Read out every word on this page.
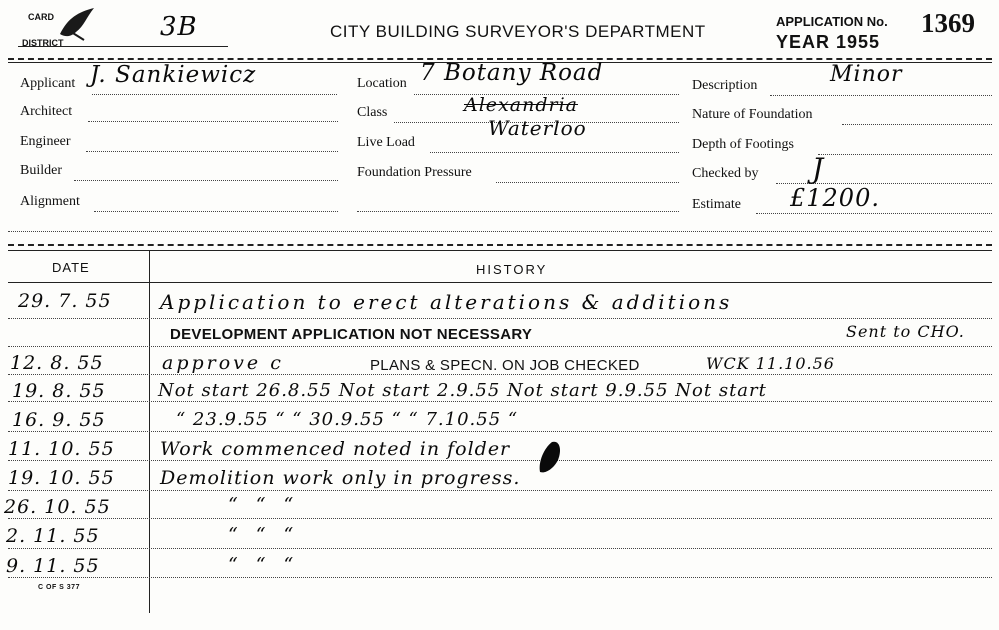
CARD
DISTRICT
3B	CITY BUILDING SURVEYOR'S DEPARTMENT
APPLICATION No. 1369
YEAR 1955
Applicant J. Sankiewicz
Architect
Engineer
Builder
Alignment
Location 7 Botany Road
Class	Alexandria
Waterloo
Live Load
Foundation Pressure
Description	Minor
Nature of Foundation
Depth of Footings
Checked by J
Estimate £1200.
DATE	HISTORY
29. 7. 55 Application to erect alterations & additions
DEVELOPMENT APPLICATION NOT NECESSARY	Sent to CHO.
12. 8. 55	approve c	PLANS & SPECN. ON JOB CHECKED	WCK 11.10.56
19. 8. 55	Not start 26.8.55 Not start 2.9.55 Not start 9.9.55 Not start
16. 9. 55	“ 23.9.55 “ “ 30.9.55 “ “ 7.10.55 “
11. 10. 55 Work commenced noted in folder
19. 10. 55 Demolition work only in progress.
26. 10. 55	“ “ “
2. 11. 55	“ “ “
9. 11. 55	“ “ “
C OF S 377
